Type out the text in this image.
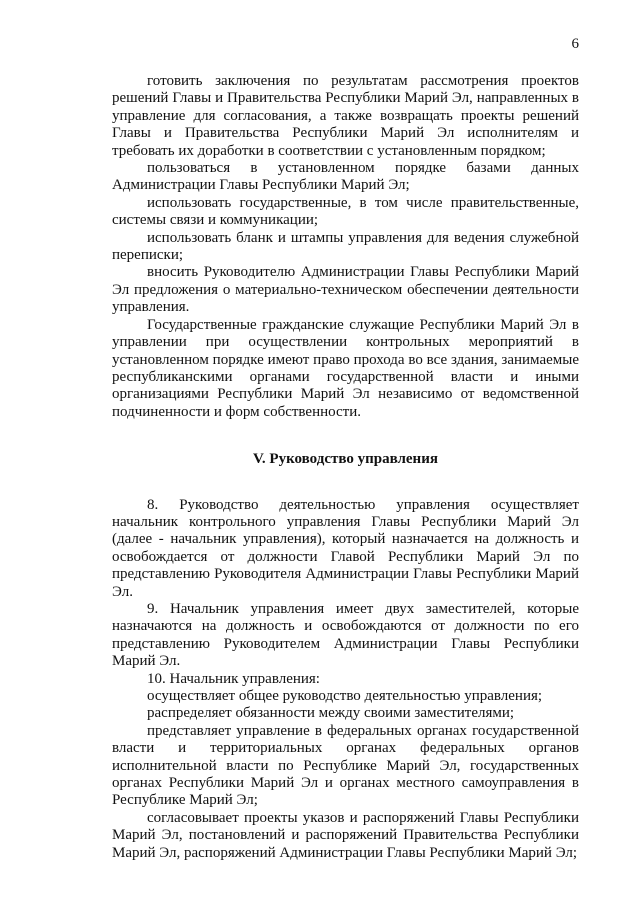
6

готовить заключения по результатам рассмотрения проектов решений Главы и Правительства Республики Марий Эл, направленных в управление для согласования, а также возвращать проекты решений Главы и Правительства Республики Марий Эл исполнителям и требовать их доработки в соответствии с установленным порядком;

пользоваться в установленном порядке базами данных Администрации Главы Республики Марий Эл;

использовать государственные, в том числе правительственные, системы связи и коммуникации;

использовать бланк и штампы управления для ведения служебной переписки;

вносить Руководителю Администрации Главы Республики Марий Эл предложения о материально-техническом обеспечении деятельности управления.

Государственные гражданские служащие Республики Марий Эл в управлении при осуществлении контрольных мероприятий в установленном порядке имеют право прохода во все здания, занимаемые республиканскими органами государственной власти и иными организациями Республики Марий Эл независимо от ведомственной подчиненности и форм собственности.

V. Руководство управления

8. Руководство деятельностью управления осуществляет начальник контрольного управления Главы Республики Марий Эл (далее - начальник управления), который назначается на должность и освобождается от должности Главой Республики Марий Эл по представлению Руководителя Администрации Главы Республики Марий Эл.

9. Начальник управления имеет двух заместителей, которые назначаются на должность и освобождаются от должности по его представлению Руководителем Администрации Главы Республики Марий Эл.

10. Начальник управления:

осуществляет общее руководство деятельностью управления;

распределяет обязанности между своими заместителями;

представляет управление в федеральных органах государственной власти и территориальных органах федеральных органов исполнительной власти по Республике Марий Эл, государственных органах Республики Марий Эл и органах местного самоуправления в Республике Марий Эл;

согласовывает проекты указов и распоряжений Главы Республики Марий Эл, постановлений и распоряжений Правительства Республики Марий Эл, распоряжений Администрации Главы Республики Марий Эл;
